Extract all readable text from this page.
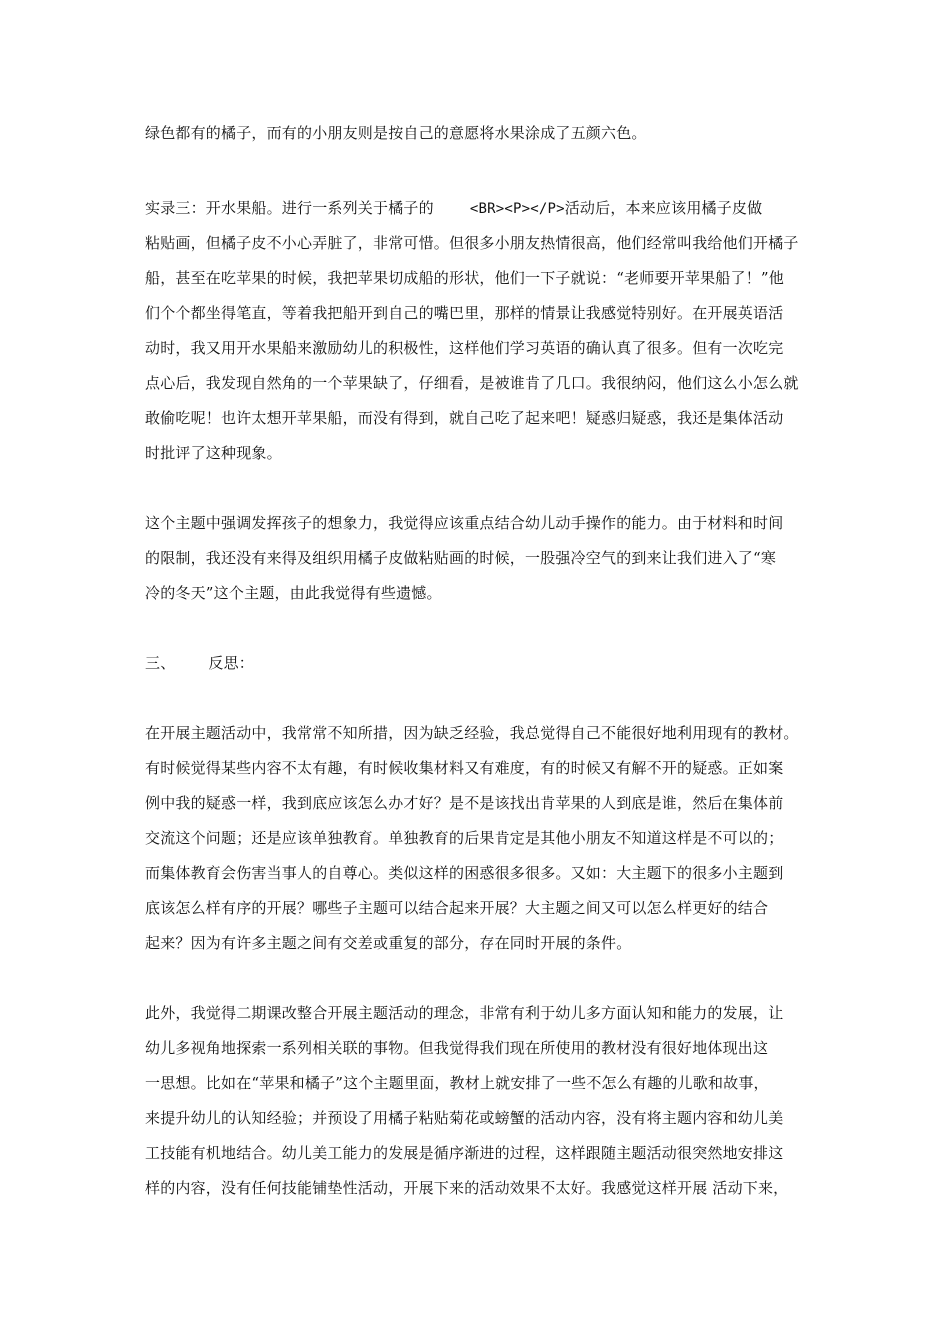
绿色都有的橘子，而有的小朋友则是按自己的意愿将水果涂成了五颜六色。
实录三：开水果船。进行一系列关于橘子的	<BR><P></P>活动后，本来应该用橘子皮做
粘贴画，但橘子皮不小心弄脏了，非常可惜。但很多小朋友热情很高，他们经常叫我给他们开橘子
船，甚至在吃苹果的时候，我把苹果切成船的形状，他们一下子就说：“老师要开苹果船了！”他
们个个都坐得笔直，等着我把船开到自己的嘴巴里，那样的情景让我感觉特别好。在开展英语活
动时，我又用开水果船来激励幼儿的积极性，这样他们学习英语的确认真了很多。但有一次吃完
点心后，我发现自然角的一个苹果缺了，仔细看，是被谁肯了几口。我很纳闷，他们这么小怎么就
敢偷吃呢！也许太想开苹果船，而没有得到，就自己吃了起来吧！疑惑归疑惑，我还是集体活动
时批评了这种现象。
这个主题中强调发挥孩子的想象力，我觉得应该重点结合幼儿动手操作的能力。由于材料和时间
的限制，我还没有来得及组织用橘子皮做粘贴画的时候，一股强冷空气的到来让我们进入了“寒
冷的冬天”这个主题，由此我觉得有些遗憾。
三、 反思：
在开展主题活动中，我常常不知所措，因为缺乏经验，我总觉得自己不能很好地利用现有的教材。
有时候觉得某些内容不太有趣，有时候收集材料又有难度，有的时候又有解不开的疑惑。正如案
例中我的疑惑一样，我到底应该怎么办才好？是不是该找出肯苹果的人到底是谁，然后在集体前
交流这个问题；还是应该单独教育。单独教育的后果肯定是其他小朋友不知道这样是不可以的；
而集体教育会伤害当事人的自尊心。类似这样的困惑很多很多。又如：大主题下的很多小主题到
底该怎么样有序的开展？哪些子主题可以结合起来开展？大主题之间又可以怎么样更好的结合
起来？因为有许多主题之间有交差或重复的部分，存在同时开展的条件。
此外，我觉得二期课改整合开展主题活动的理念，非常有利于幼儿多方面认知和能力的发展，让
幼儿多视角地探索一系列相关联的事物。但我觉得我们现在所使用的教材没有很好地体现出这
一思想。比如在“苹果和橘子”这个主题里面，教材上就安排了一些不怎么有趣的儿歌和故事，
来提升幼儿的认知经验；并预设了用橘子粘贴菊花或螃蟹的活动内容，没有将主题内容和幼儿美
工技能有机地结合。幼儿美工能力的发展是循序渐进的过程，这样跟随主题活动很突然地安排这
样的内容，没有任何技能铺垫性活动，开展下来的活动效果不太好。我感觉这样开展 活动下来，
